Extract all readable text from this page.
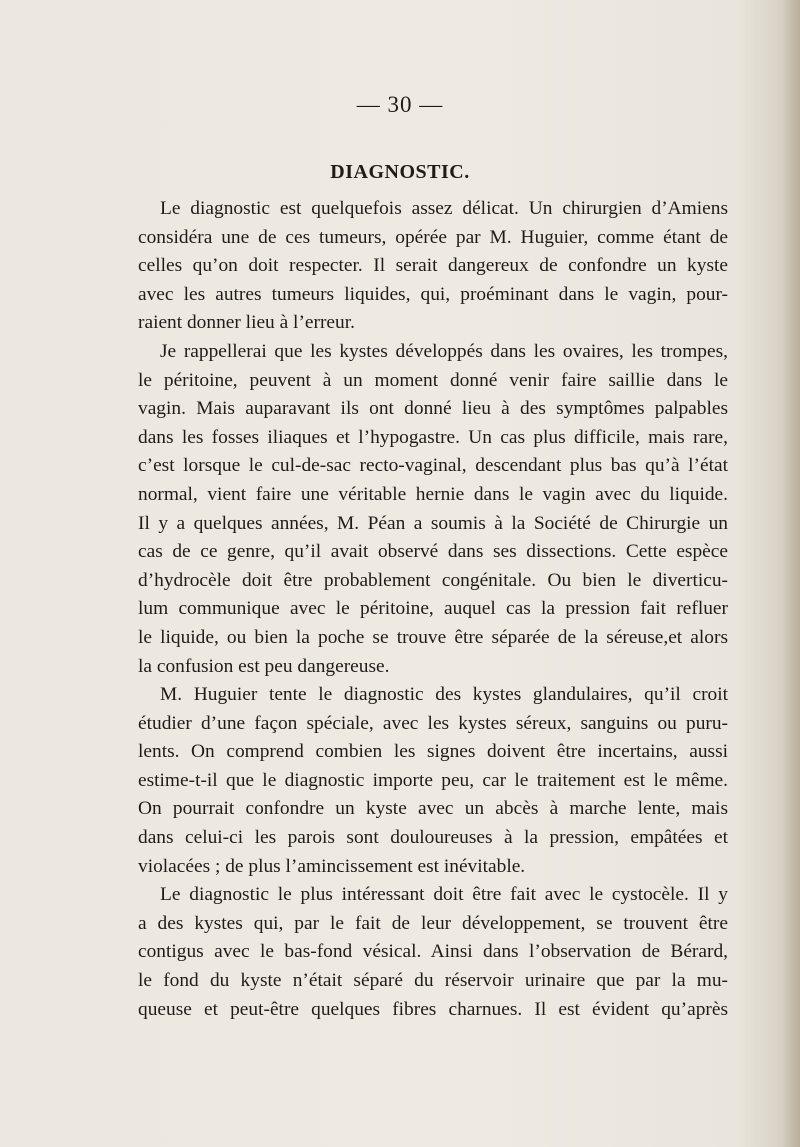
— 30 —
DIAGNOSTIC.
Le diagnostic est quelquefois assez délicat. Un chirurgien d’Amiens
considéra une de ces tumeurs, opérée par M. Huguier, comme étant de
celles qu’on doit respecter. Il serait dangereux de confondre un kyste
avec les autres tumeurs liquides, qui, proéminant dans le vagin, pour-
raient donner lieu à l’erreur.
Je rappellerai que les kystes développés dans les ovaires, les trompes,
le péritoine, peuvent à un moment donné venir faire saillie dans le
vagin. Mais auparavant ils ont donné lieu à des symptômes palpables
dans les fosses iliaques et l’hypogastre. Un cas plus difficile, mais rare,
c’est lorsque le cul-de-sac recto-vaginal, descendant plus bas qu’à l’état
normal, vient faire une véritable hernie dans le vagin avec du liquide.
Il y a quelques années, M. Péan a soumis à la Société de Chirurgie un
cas de ce genre, qu’il avait observé dans ses dissections. Cette espèce
d’hydrocèle doit être probablement congénitale. Ou bien le diverticu-
lum communique avec le péritoine, auquel cas la pression fait refluer
le liquide, ou bien la poche se trouve être séparée de la séreuse,et alors
la confusion est peu dangereuse.
M. Huguier tente le diagnostic des kystes glandulaires, qu’il croit
étudier d’une façon spéciale, avec les kystes séreux, sanguins ou puru-
lents. On comprend combien les signes doivent être incertains, aussi
estime-t-il que le diagnostic importe peu, car le traitement est le même.
On pourrait confondre un kyste avec un abcès à marche lente, mais
dans celui-ci les parois sont douloureuses à la pression, empâtées et
violacées ; de plus l’amincissement est inévitable.
Le diagnostic le plus intéressant doit être fait avec le cystocèle. Il y
a des kystes qui, par le fait de leur développement, se trouvent être
contigus avec le bas-fond vésical. Ainsi dans l’observation de Bérard,
le fond du kyste n’était séparé du réservoir urinaire que par la mu-
queuse et peut-être quelques fibres charnues. Il est évident qu’après
